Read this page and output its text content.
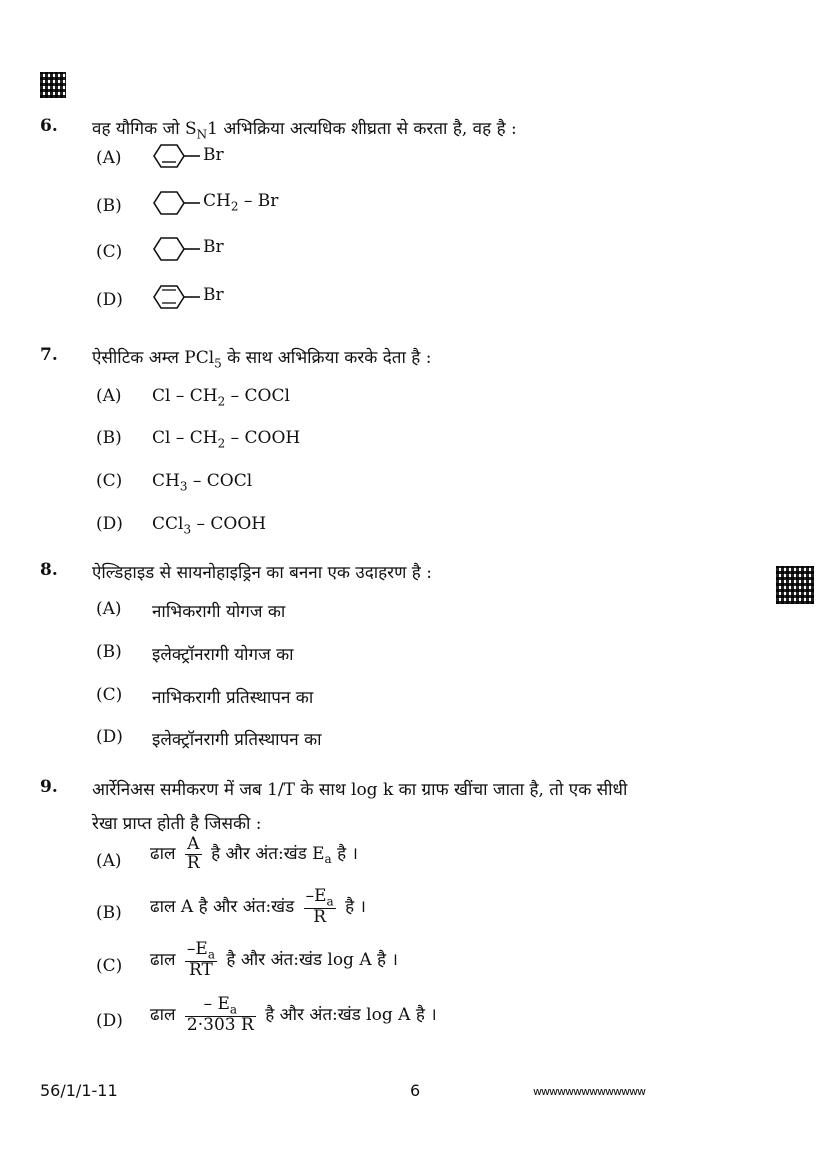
6. वह यौगिक जो $S_N1$ अभिक्रिया अत्यधिक शीघ्रता से करता है, वह है :
(A)	Br
(B)	$CH_2$ – Br
(C)	Br
(D)	Br
7. ऐसीटिक अम्ल PCl$_5$ के साथ अभिक्रिया करके देता है :
(A) Cl – $CH_2$ – COCl
(B) Cl – $CH_2$ – COOH
(C) $CH_3$ – COCl
(D) CCl$_3$ – COOH
8. ऐल्डिहाइड से सायनोहाइड्रिन का बनना एक उदाहरण है :
(A) नाभिकरागी योगज का
(B) इलेक्ट्रॉनरागी योगज का
(C) नाभिकरागी प्रतिस्थापन का
(D) इलेक्ट्रॉनरागी प्रतिस्थापन का
9. आर्रेनिअस समीकरण में जब 1/T के साथ log k का ग्राफ खींचा जाता है, तो एक सीधी
रेखा प्राप्त होती है जिसकी :
(A) ढाल $\frac{A}{R}$ है और अंत:खंड $E_a$ है ।
(B) ढाल A है और अंत:खंड $\frac{-E_a}{R}$ है ।
(C) ढाल $\frac{-E_a}{RT}$ है और अंत:खंड log A है ।
(D) ढाल $\frac{- E_a}{2\cdot 303 R}$ है और अंत:खंड log A है ।
56/1/1-11	6	wwwwwwwwwwwwww
